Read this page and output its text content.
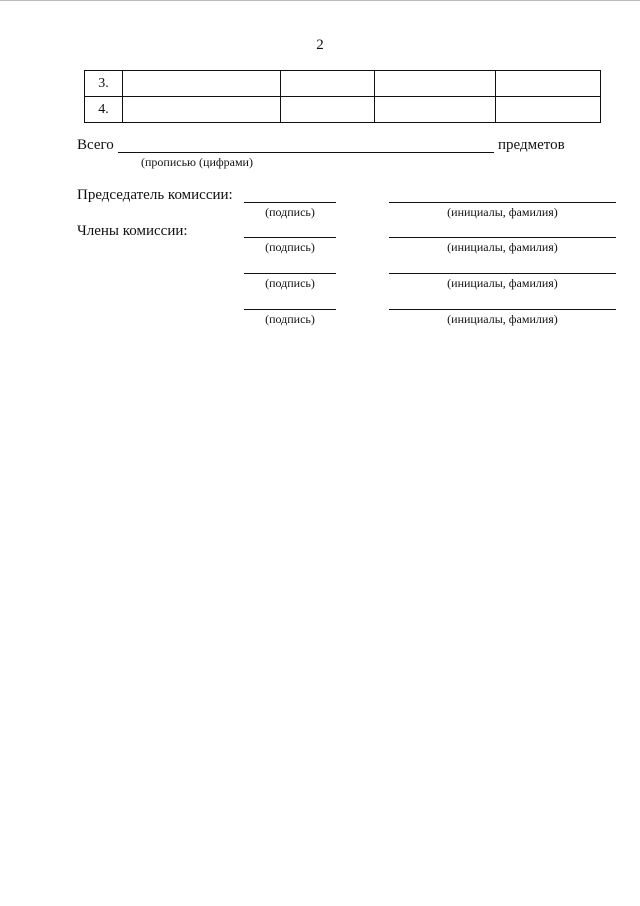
2
3.				
4.				
Всего	предметов
(прописью (цифрами)
Председатель комиссии:
Члены комиссии:
(подпись)	(инициалы, фамилия)
(подпись)	(инициалы, фамилия)
(подпись)	(инициалы, фамилия)
(подпись)	(инициалы, фамилия)
